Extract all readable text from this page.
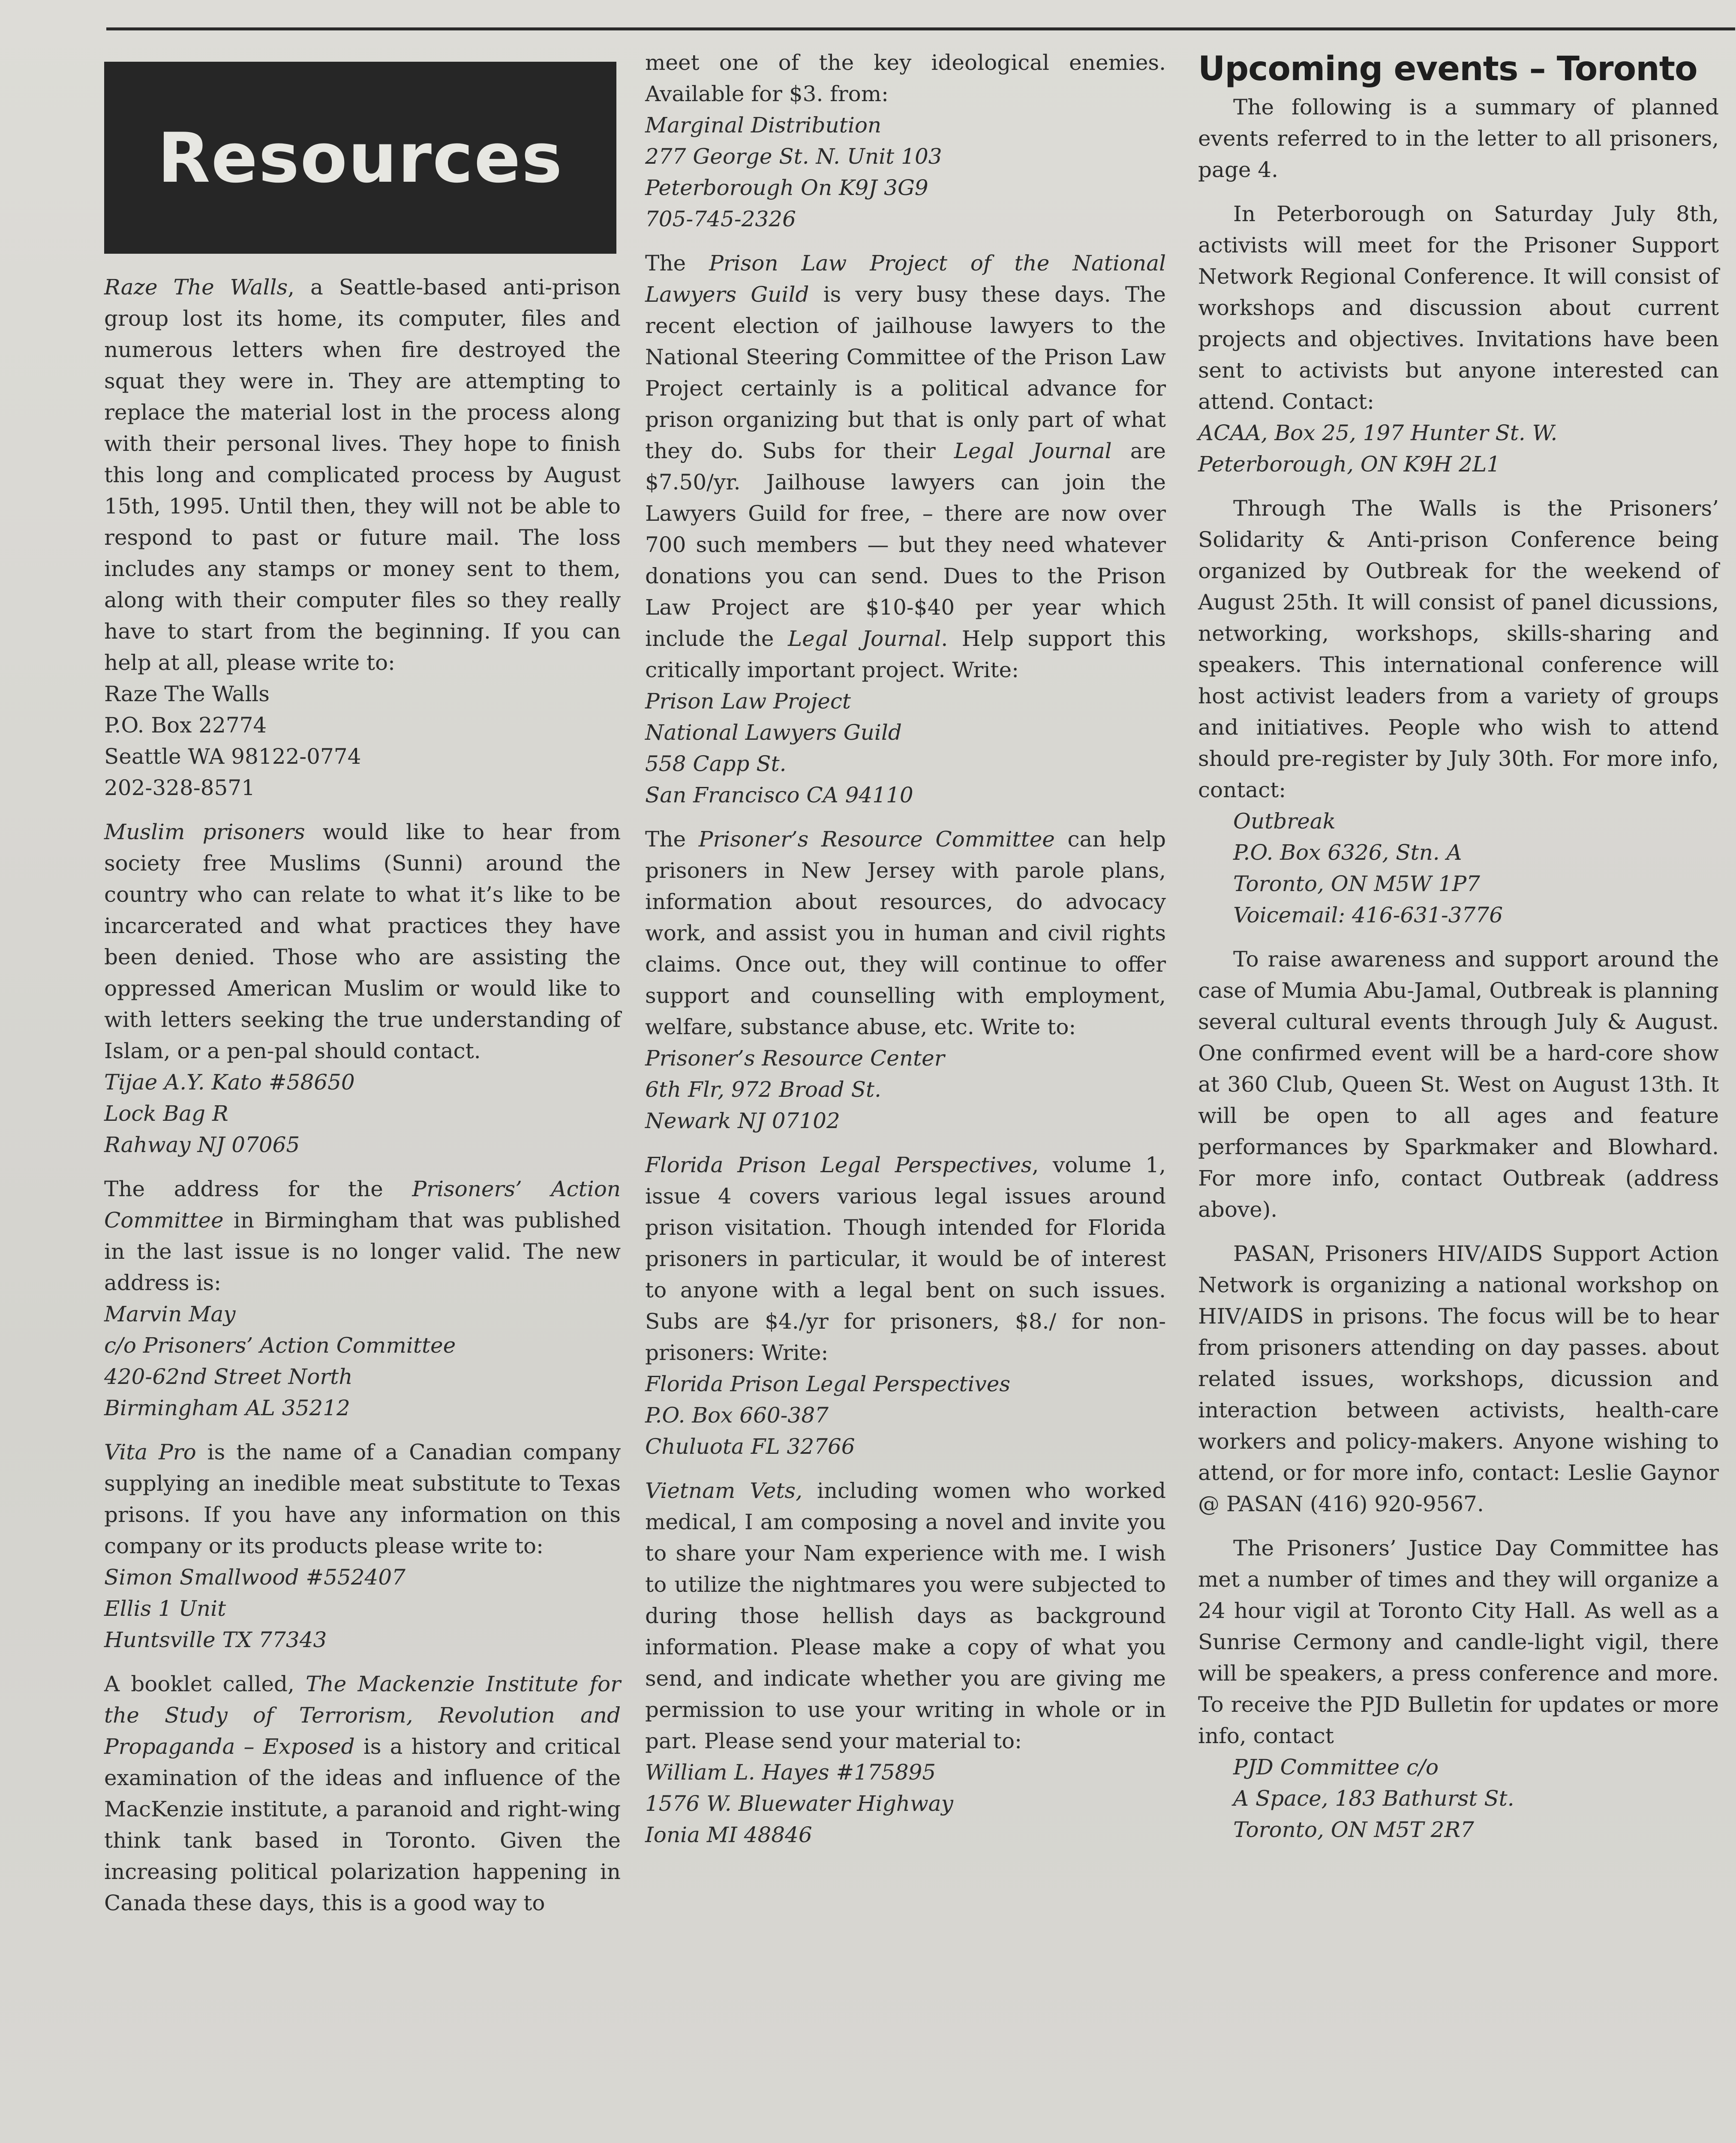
Resources

Raze The Walls, a Seattle-based anti-prison group lost its home, its computer, files and numerous letters when fire destroyed the squat they were in. They are attempting to replace the material lost in the process along with their personal lives. They hope to finish this long and complicated process by August 15th, 1995. Until then, they will not be able to respond to past or future mail. The loss includes any stamps or money sent to them, along with their computer files so they really have to start from the beginning. If you can help at all, please write to:
Raze The Walls
P.O. Box 22774
Seattle WA 98122-0774
202-328-8571

Muslim prisoners would like to hear from society free Muslims (Sunni) around the country who can relate to what it’s like to be incarcerated and what practices they have been denied. Those who are assisting the oppressed American Muslim or would like to with letters seeking the true understanding of Islam, or a pen-pal should contact.
Tijae A.Y. Kato #58650
Lock Bag R
Rahway NJ 07065

The address for the Prisoners’ Action Committee in Birmingham that was published in the last issue is no longer valid. The new address is:
Marvin May
c/o Prisoners’ Action Committee
420-62nd Street North
Birmingham AL 35212

Vita Pro is the name of a Canadian company supplying an inedible meat substitute to Texas prisons. If you have any information on this company or its products please write to:
Simon Smallwood #552407
Ellis 1 Unit
Huntsville TX 77343

A booklet called, The Mackenzie Institute for the Study of Terrorism, Revolution and Propaganda – Exposed is a history and critical examination of the ideas and influence of the MacKenzie institute, a paranoid and right-wing think tank based in Toronto. Given the increasing political polarization happening in Canada these days, this is a good way to

meet one of the key ideological enemies. Available for $3. from:
Marginal Distribution
277 George St. N. Unit 103
Peterborough On K9J 3G9
705-745-2326

The Prison Law Project of the National Lawyers Guild is very busy these days. The recent election of jailhouse lawyers to the National Steering Committee of the Prison Law Project certainly is a political advance for prison organizing but that is only part of what they do. Subs for their Legal Journal are $7.50/yr. Jailhouse lawyers can join the Lawyers Guild for free, – there are now over 700 such members — but they need whatever donations you can send. Dues to the Prison Law Project are $10-$40 per year which include the Legal Journal. Help support this critically important project. Write:
Prison Law Project
National Lawyers Guild
558 Capp St.
San Francisco CA 94110

The Prisoner’s Resource Committee can help prisoners in New Jersey with parole plans, information about resources, do advocacy work, and assist you in human and civil rights claims. Once out, they will continue to offer support and counselling with employment, welfare, substance abuse, etc. Write to:
Prisoner’s Resource Center
6th Flr, 972 Broad St.
Newark NJ 07102

Florida Prison Legal Perspectives, volume 1, issue 4 covers various legal issues around prison visitation. Though intended for Florida prisoners in particular, it would be of interest to anyone with a legal bent on such issues. Subs are $4./yr for prisoners, $8./ for non-prisoners: Write:
Florida Prison Legal Perspectives
P.O. Box 660-387
Chuluota FL 32766

Vietnam Vets, including women who worked medical, I am composing a novel and invite you to share your Nam experience with me. I wish to utilize the nightmares you were subjected to during those hellish days as background information. Please make a copy of what you send, and indicate whether you are giving me permission to use your writing in whole or in part. Please send your material to:
William L. Hayes #175895
1576 W. Bluewater Highway
Ionia MI 48846

Upcoming events – Toronto

The following is a summary of planned events referred to in the letter to all prisoners, page 4.

In Peterborough on Saturday July 8th, activists will meet for the Prisoner Support Network Regional Conference. It will consist of workshops and discussion about current projects and objectives. Invitations have been sent to activists but anyone interested can attend. Contact:
ACAA, Box 25, 197 Hunter St. W.
Peterborough, ON K9H 2L1

Through The Walls is the Prisoners’ Solidarity & Anti-prison Conference being organized by Outbreak for the weekend of August 25th. It will consist of panel dicussions, networking, workshops, skills-sharing and speakers. This international conference will host activist leaders from a variety of groups and initiatives. People who wish to attend should pre-register by July 30th. For more info, contact:
Outbreak
P.O. Box 6326, Stn. A
Toronto, ON M5W 1P7
Voicemail: 416-631-3776

To raise awareness and support around the case of Mumia Abu-Jamal, Outbreak is planning several cultural events through July & August. One confirmed event will be a hard-core show at 360 Club, Queen St. West on August 13th. It will be open to all ages and feature performances by Sparkmaker and Blowhard. For more info, contact Outbreak (address above).

PASAN, Prisoners HIV/AIDS Support Action Network is organizing a national workshop on HIV/AIDS in prisons. The focus will be to hear from prisoners attending on day passes. about related issues, workshops, dicussion and interaction between activists, health-care workers and policy-makers. Anyone wishing to attend, or for more info, contact: Leslie Gaynor @ PASAN (416) 920-9567.

The Prisoners’ Justice Day Committee has met a number of times and they will organize a 24 hour vigil at Toronto City Hall. As well as a Sunrise Cermony and candle-light vigil, there will be speakers, a press conference and more. To receive the PJD Bulletin for updates or more info, contact
PJD Committee c/o
A Space, 183 Bathurst St.
Toronto, ON M5T 2R7
